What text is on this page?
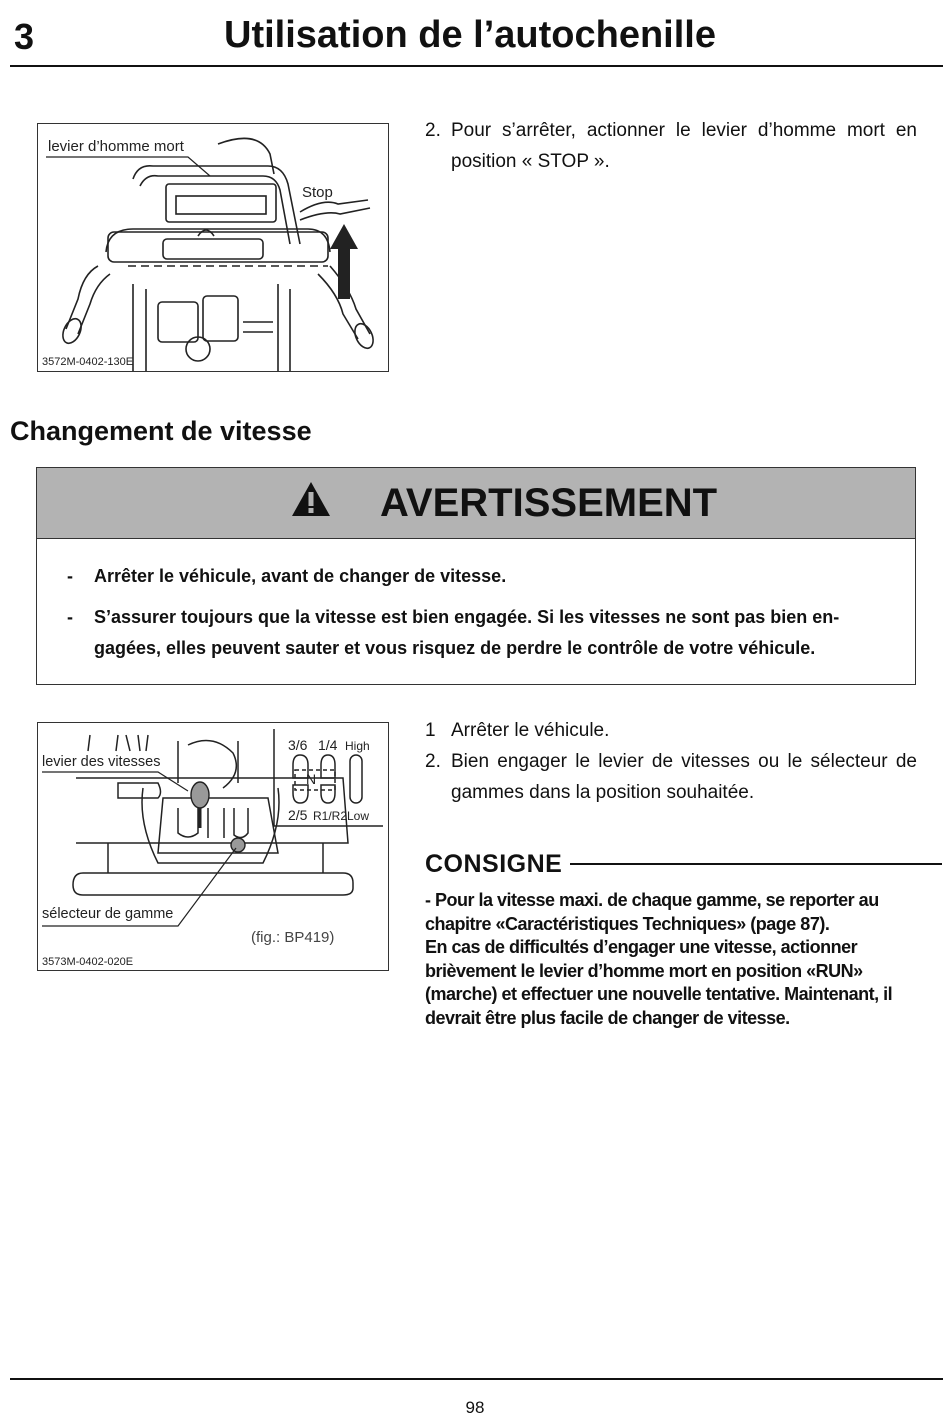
3	Utilisation de l’autochenille
levier d’homme mort
Stop
3572M-0402-130E
2. Pour s’arrêter, actionner le levier d’homme mort en
position « STOP ».
Changement de vitesse
AVERTISSEMENT
- Arrêter le véhicule, avant de changer de vitesse.
- S’assurer toujours que la vitesse est bien engagée. Si les vitesses ne sont pas bien en-
gagées, elles peuvent sauter et vous risquez de perdre le contrôle de votre véhicule.
levier des vitesses
sélecteur de gamme
3/6 1/4 High
N
2/5 R1/R2 Low
(fig.: BP419)
3573M-0402-020E
1 Arrêter le véhicule.
2. Bien engager le levier de vitesses ou le sélecteur de
gammes dans la position souhaitée.
CONSIGNE
- Pour la vitesse maxi. de chaque gamme, se reporter au
chapitre «Caractéristiques Techniques» (page 87).
En cas de difficultés d’engager une vitesse, actionner
brièvement le levier d’homme mort en position «RUN»
(marche) et effectuer une nouvelle tentative. Maintenant, il
devrait être plus facile de changer de vitesse.
98
